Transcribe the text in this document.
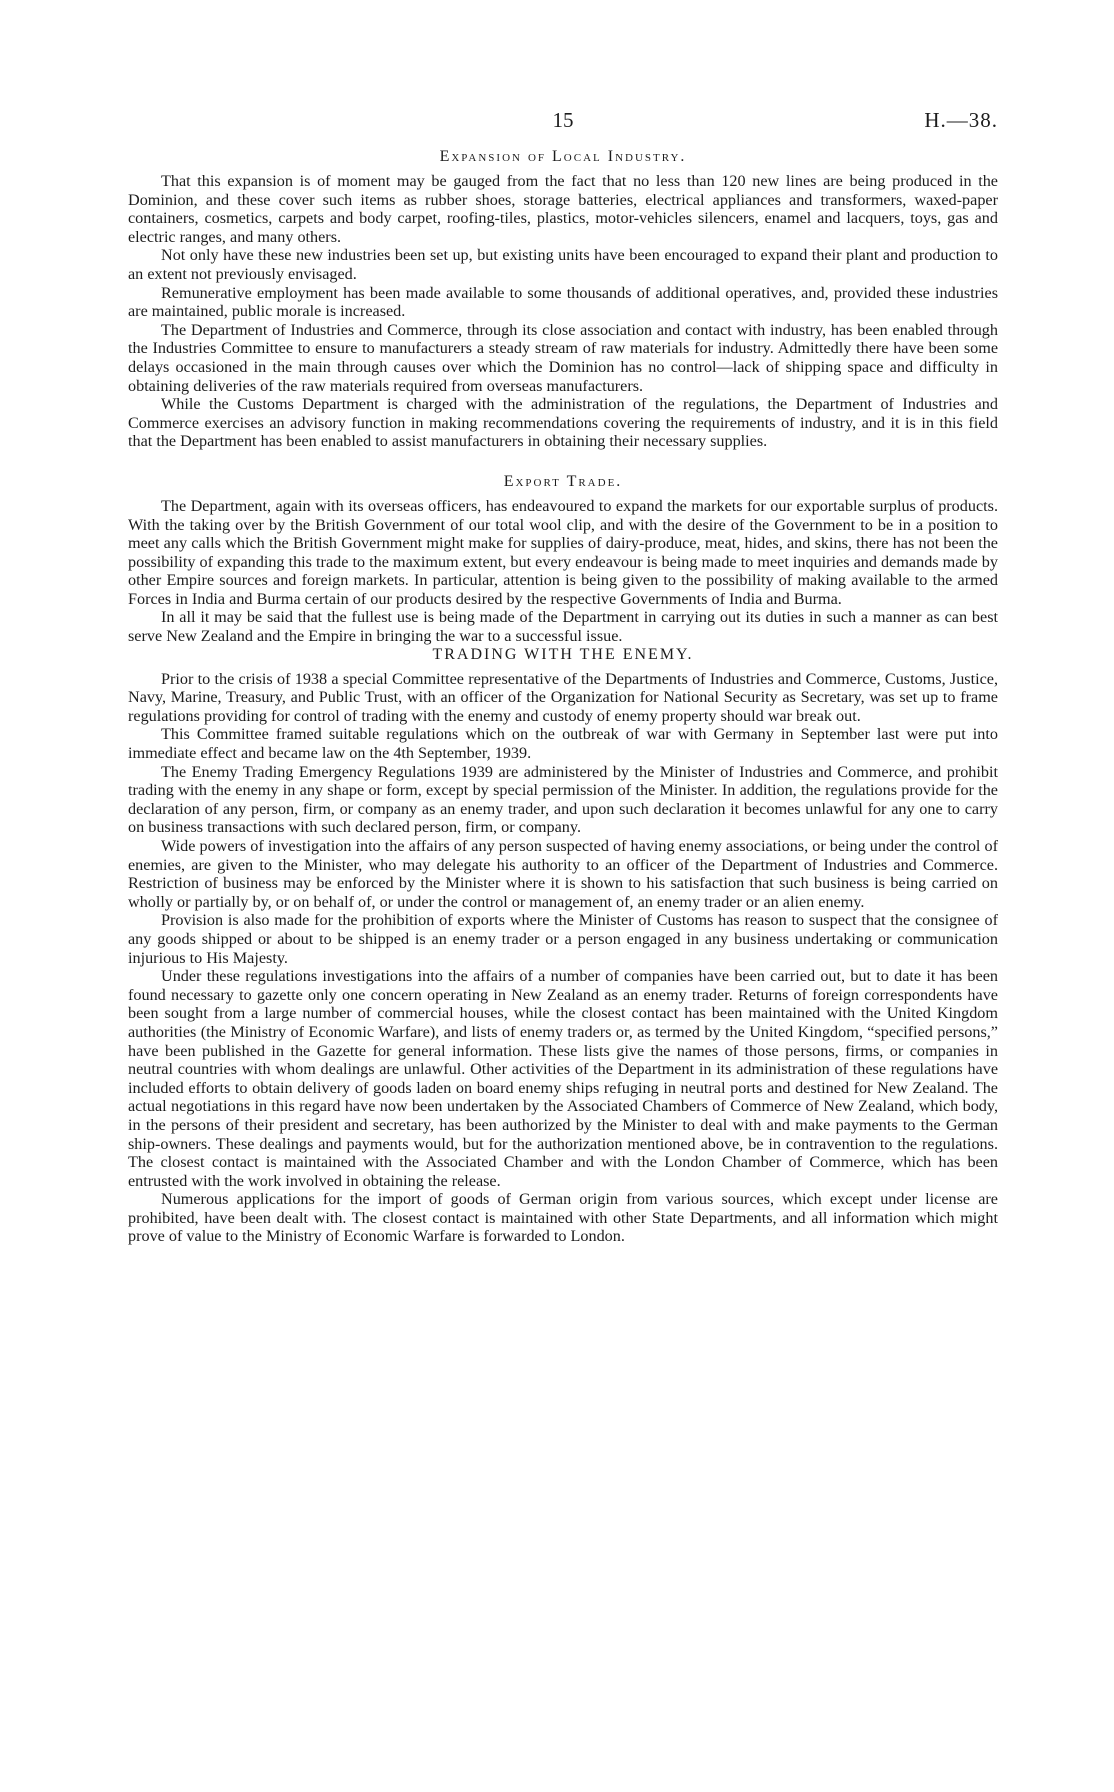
15	H.—38.
Expansion of Local Industry.

That this expansion is of moment may be gauged from the fact that no less than 120 new lines are being produced in the Dominion, and these cover such items as rubber shoes, storage batteries, electrical appliances and transformers, waxed-paper containers, cosmetics, carpets and body carpet, roofing-tiles, plastics, motor-vehicles silencers, enamel and lacquers, toys, gas and electric ranges, and many others.

Not only have these new industries been set up, but existing units have been encouraged to expand their plant and production to an extent not previously envisaged.

Remunerative employment has been made available to some thousands of additional operatives, and, provided these industries are maintained, public morale is increased.

The Department of Industries and Commerce, through its close association and contact with industry, has been enabled through the Industries Committee to ensure to manufacturers a steady stream of raw materials for industry. Admittedly there have been some delays occasioned in the main through causes over which the Dominion has no control—lack of shipping space and difficulty in obtaining deliveries of the raw materials required from overseas manufacturers.

While the Customs Department is charged with the administration of the regulations, the Department of Industries and Commerce exercises an advisory function in making recommendations covering the requirements of industry, and it is in this field that the Department has been enabled to assist manufacturers in obtaining their necessary supplies.

Export Trade.

The Department, again with its overseas officers, has endeavoured to expand the markets for our exportable surplus of products. With the taking over by the British Government of our total wool clip, and with the desire of the Government to be in a position to meet any calls which the British Government might make for supplies of dairy-produce, meat, hides, and skins, there has not been the possibility of expanding this trade to the maximum extent, but every endeavour is being made to meet inquiries and demands made by other Empire sources and foreign markets. In particular, attention is being given to the possibility of making available to the armed Forces in India and Burma certain of our products desired by the respective Governments of India and Burma.

In all it may be said that the fullest use is being made of the Department in carrying out its duties in such a manner as can best serve New Zealand and the Empire in bringing the war to a successful issue.

TRADING WITH THE ENEMY.

Prior to the crisis of 1938 a special Committee representative of the Departments of Industries and Commerce, Customs, Justice, Navy, Marine, Treasury, and Public Trust, with an officer of the Organization for National Security as Secretary, was set up to frame regulations providing for control of trading with the enemy and custody of enemy property should war break out.

This Committee framed suitable regulations which on the outbreak of war with Germany in September last were put into immediate effect and became law on the 4th September, 1939.

The Enemy Trading Emergency Regulations 1939 are administered by the Minister of Industries and Commerce, and prohibit trading with the enemy in any shape or form, except by special permission of the Minister. In addition, the regulations provide for the declaration of any person, firm, or company as an enemy trader, and upon such declaration it becomes unlawful for any one to carry on business transactions with such declared person, firm, or company.

Wide powers of investigation into the affairs of any person suspected of having enemy associations, or being under the control of enemies, are given to the Minister, who may delegate his authority to an officer of the Department of Industries and Commerce. Restriction of business may be enforced by the Minister where it is shown to his satisfaction that such business is being carried on wholly or partially by, or on behalf of, or under the control or management of, an enemy trader or an alien enemy.

Provision is also made for the prohibition of exports where the Minister of Customs has reason to suspect that the consignee of any goods shipped or about to be shipped is an enemy trader or a person engaged in any business undertaking or communication injurious to His Majesty.

Under these regulations investigations into the affairs of a number of companies have been carried out, but to date it has been found necessary to gazette only one concern operating in New Zealand as an enemy trader. Returns of foreign correspondents have been sought from a large number of commercial houses, while the closest contact has been maintained with the United Kingdom authorities (the Ministry of Economic Warfare), and lists of enemy traders or, as termed by the United Kingdom, “specified persons,” have been published in the Gazette for general information. These lists give the names of those persons, firms, or companies in neutral countries with whom dealings are unlawful. Other activities of the Department in its administration of these regulations have included efforts to obtain delivery of goods laden on board enemy ships refuging in neutral ports and destined for New Zealand. The actual negotiations in this regard have now been undertaken by the Associated Chambers of Commerce of New Zealand, which body, in the persons of their president and secretary, has been authorized by the Minister to deal with and make payments to the German ship-owners. These dealings and payments would, but for the authorization mentioned above, be in contravention to the regulations. The closest contact is maintained with the Associated Chamber and with the London Chamber of Commerce, which has been entrusted with the work involved in obtaining the release.

Numerous applications for the import of goods of German origin from various sources, which except under license are prohibited, have been dealt with. The closest contact is maintained with other State Departments, and all information which might prove of value to the Ministry of Economic Warfare is forwarded to London.
